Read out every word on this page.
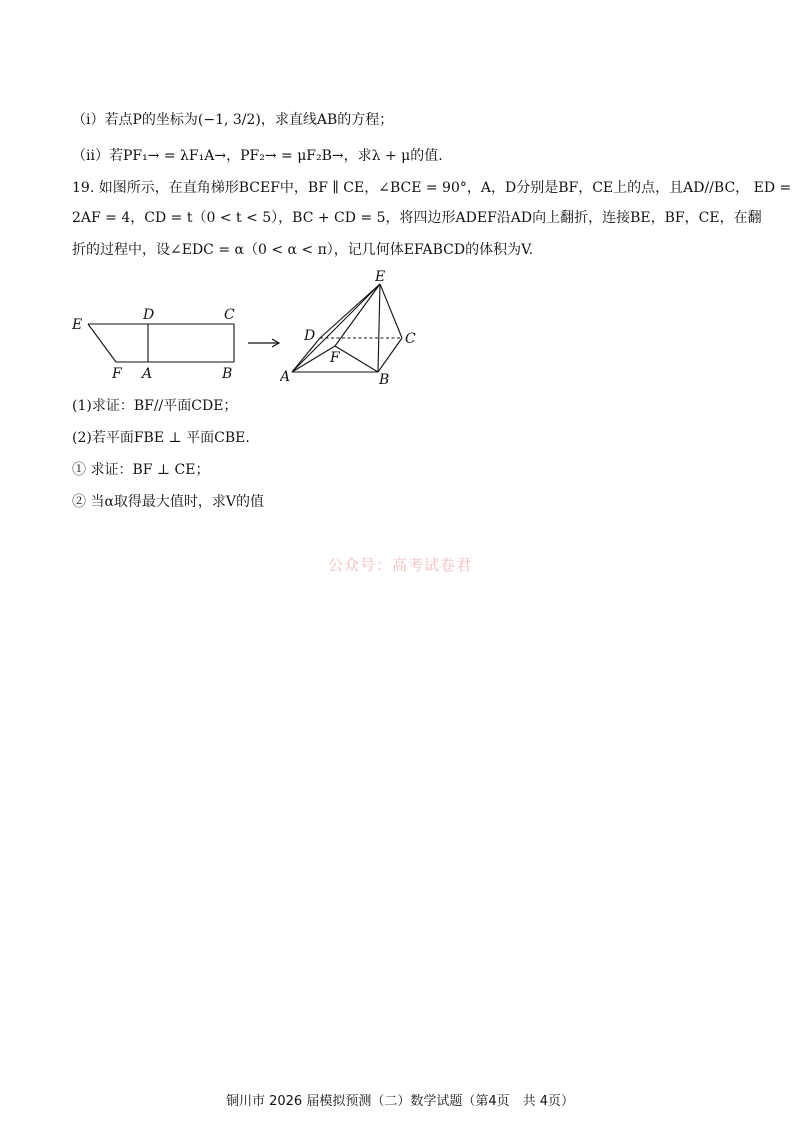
（i）若点P的坐标为(−1, 3/2)，求直线AB的方程；
（ii）若PF₁→ = λF₁A→，PF₂→ = μF₂B→，求λ + μ的值.
19. 如图所示，在直角梯形BCEF中，BF ∥ CE，∠BCE = 90°，A，D分别是BF，CE上的点，且AD//BC， ED =
2AF = 4，CD = t（0 < t < 5），BC + CD = 5，将四边形ADEF沿AD向上翻折，连接BE，BF，CE，在翻
折的过程中，设∠EDC = α（0 < α < π），记几何体EFABCD的体积为V.
E
D	C
F A	B
E
D	C
F
A	B
(1)求证：BF//平面CDE；
(2)若平面FBE ⊥ 平面CBE.
① 求证：BF ⊥ CE；
② 当α取得最大值时，求V的值
公众号：高考试卷君
铜川市 2026 届模拟预测（二）数学试题（第4页　共 4页）
